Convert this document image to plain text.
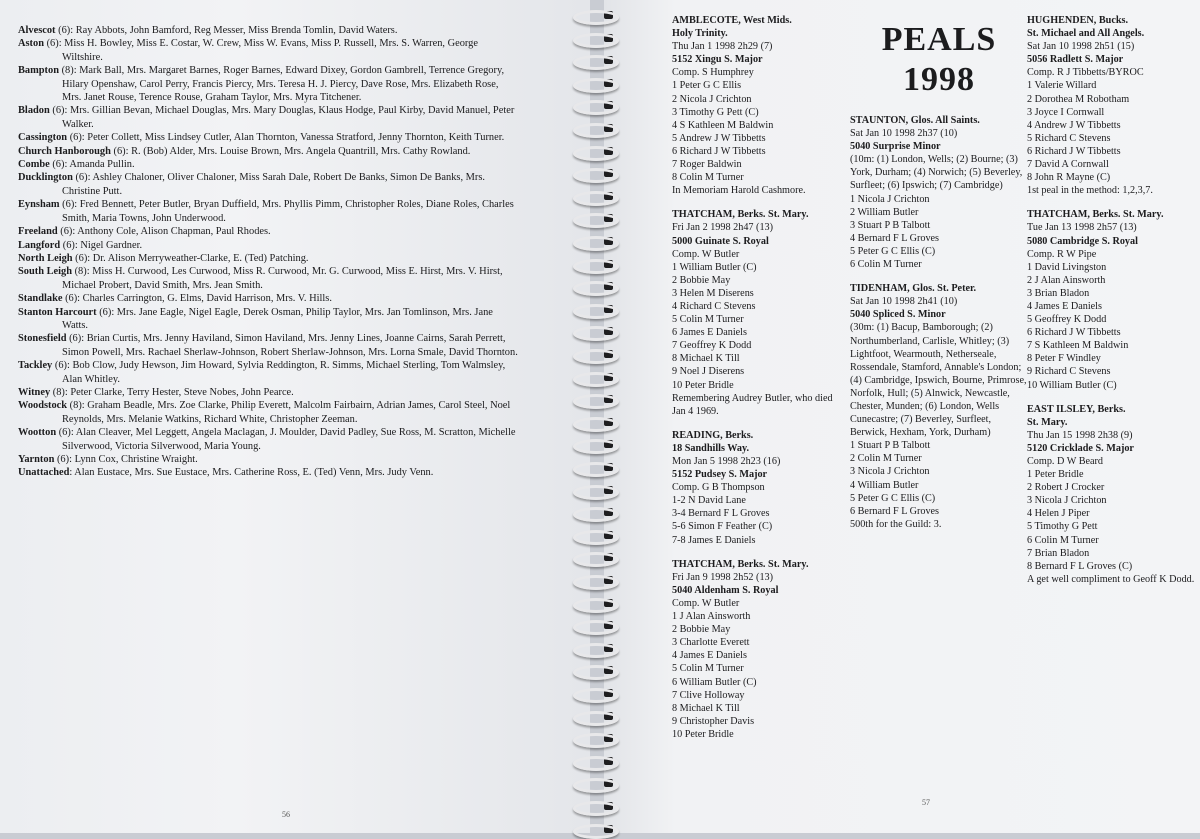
Alvescot (6): Ray Abbots, John Bamford, Reg Messer, Miss Brenda Tomlin, David Waters.
Aston (6): Miss H. Bowley, Miss E. Costar, W. Crew, Miss W. Evans, Miss P. Russell, Mrs. S. Warren, George Wiltshire.
Bampton (8): Mark Ball, Mrs. Margaret Barnes, Roger Barnes, Edward Dixey, Gordon Gambrell, Terrence Gregory, Hilary Openshaw, Carol Perry, Francis Piercy, Mrs. Teresa H. J. Piercy, Dave Rose, Mrs. Elizabeth Rose, Mrs. Janet Rouse, Terence Rouse, Graham Taylor, Mrs. Myra Titchener.
Bladon (6): Mrs. Gillian Bevan, Michael Douglas, Mrs. Mary Douglas, Klaus Hodge, Paul Kirby, David Manuel, Peter Walker.
Cassington (6): Peter Collett, Miss Lindsey Cutler, Alan Thornton, Vanessa Stratford, Jenny Thornton, Keith Turner.
Church Hanborough (6): R. (Bob) Alder, Mrs. Louise Brown, Mrs. Angela Quantrill, Mrs. Cathy Rowland.
Combe (6): Amanda Pullin.
Ducklington (6): Ashley Chaloner, Oliver Chaloner, Miss Sarah Dale, Robert De Banks, Simon De Banks, Mrs. Christine Putt.
Eynsham (6): Fred Bennett, Peter Butler, Bryan Duffield, Mrs. Phyllis Pimm, Christopher Roles, Diane Roles, Charles Smith, Maria Towns, John Underwood.
Freeland (6): Anthony Cole, Alison Chapman, Paul Rhodes.
Langford (6): Nigel Gardner.
North Leigh (6): Dr. Alison Merryweather-Clarke, E. (Ted) Patching.
South Leigh (8): Miss H. Curwood, Les Curwood, Miss R. Curwood, Mr. G. Curwood, Miss E. Hirst, Mrs. V. Hirst, Michael Probert, David Smith, Mrs. Jean Smith.
Standlake (6): Charles Carrington, G. Elms, David Harrison, Mrs. V. Hills.
Stanton Harcourt (6): Mrs. Jane Eagle, Nigel Eagle, Derek Osman, Philip Taylor, Mrs. Jan Tomlinson, Mrs. Jane Watts.
Stonesfield (6): Brian Curtis, Mrs. Jenny Haviland, Simon Haviland, Mrs. Jenny Lines, Joanne Cairns, Sarah Perrett, Simon Powell, Mrs. Rachael Sherlaw-Johnson, Robert Sherlaw-Johnson, Mrs. Lorna Smale, David Thornton.
Tackley (6): Bob Clow, Judy Hewson, Jim Howard, Sylvia Reddington, R. Simms, Michael Sterling, Tom Walmsley, Alan Whitley.
Witney (8): Peter Clarke, Terry Hester, Steve Nobes, John Pearce.
Woodstock (8): Graham Beadle, Mrs. Zoe Clarke, Philip Everett, Malcolm Fairbairn, Adrian James, Carol Steel, Noel Reynolds, Mrs. Melanie Watkins, Richard White, Christopher Zeeman.
Wootton (6): Alan Cleaver, Mel Leggett, Angela Maclagan, J. Moulder, David Padley, Sue Ross, M. Scratton, Michelle Silverwood, Victoria Silverwood, Maria Young.
Yarnton (6): Lynn Cox, Christine Wraight.
Unattached: Alan Eustace, Mrs. Sue Eustace, Mrs. Catherine Ross, E. (Ted) Venn, Mrs. Judy Venn.
56
AMBLECOTE, West Mids.
Holy Trinity.
Thu Jan 1 1998 2h29 (7)
5152 Xingu S. Major
Comp. S Humphrey
1 Peter G C Ellis
2 Nicola J Crichton
3 Timothy G Pett (C)
4 S Kathleen M Baldwin
5 Andrew J W Tibbetts
6 Richard J W Tibbetts
7 Roger Baldwin
8 Colin M Turner
In Memoriam Harold Cashmore.
THATCHAM, Berks. St. Mary.
Fri Jan 2 1998 2h47 (13)
5000 Guinate S. Royal
Comp. W Butler
1 William Butler (C)
2 Bobbie May
3 Helen M Diserens
4 Richard C Stevens
5 Colin M Turner
6 James E Daniels
7 Geoffrey K Dodd
8 Michael K Till
9 Noel J Diserens
10 Peter Bridle
Remembering Audrey Butler, who died Jan 4 1969.
READING, Berks.
18 Sandhills Way.
Mon Jan 5 1998 2h23 (16)
5152 Pudsey S. Major
Comp. G B Thompson
1-2 N David Lane
3-4 Bernard F L Groves
5-6 Simon F Feather (C)
7-8 James E Daniels
THATCHAM, Berks. St. Mary.
Fri Jan 9 1998 2h52 (13)
5040 Aldenham S. Royal
Comp. W Butler
1 J Alan Ainsworth
2 Bobbie May
3 Charlotte Everett
4 James E Daniels
5 Colin M Turner
6 William Butler (C)
7 Clive Holloway
8 Michael K Till
9 Christopher Davis
10 Peter Bridle
PEALS
1998
STAUNTON, Glos. All Saints.
Sat Jan 10 1998 2h37 (10)
5040 Surprise Minor
(10m: (1) London, Wells; (2) Bourne; (3) York, Durham; (4) Norwich; (5) Beverley, Surfleet; (6) Ipswich; (7) Cambridge)
1 Nicola J Crichton
2 William Butler
3 Stuart P B Talbott
4 Bernard F L Groves
5 Peter G C Ellis (C)
6 Colin M Turner
TIDENHAM, Glos. St. Peter.
Sat Jan 10 1998 2h41 (10)
5040 Spliced S. Minor
(30m: (1) Bacup, Bamborough; (2) Northumberland, Carlisle, Whitley; (3) Lightfoot, Wearmouth, Netherseale, Rossendale, Stamford, Annable's London; (4) Cambridge, Ipswich, Bourne, Primrose, Norfolk, Hull; (5) Alnwick, Newcastle, Chester, Munden; (6) London, Wells Cunecastre; (7) Beverley, Surfleet, Berwick, Hexham, York, Durham)
1 Stuart P B Talbott
2 Colin M Turner
3 Nicola J Crichton
4 William Butler
5 Peter G C Ellis (C)
6 Bernard F L Groves
500th for the Guild: 3.
HUGHENDEN, Bucks.
St. Michael and All Angels.
Sat Jan 10 1998 2h51 (15)
5056 Radlett S. Major
Comp. R J Tibbetts/BYROC
1 Valerie Willard
2 Dorothea M Robotham
3 Joyce I Cornwall
4 Andrew J W Tibbetts
5 Richard C Stevens
6 Richard J W Tibbetts
7 David A Cornwall
8 John R Mayne (C)
1st peal in the method: 1,2,3,7.
THATCHAM, Berks. St. Mary.
Tue Jan 13 1998 2h57 (13)
5080 Cambridge S. Royal
Comp. R W Pipe
1 David Livingston
2 J Alan Ainsworth
3 Brian Bladon
4 James E Daniels
5 Geoffrey K Dodd
6 Richard J W Tibbetts
7 S Kathleen M Baldwin
8 Peter F Windley
9 Richard C Stevens
10 William Butler (C)
EAST ILSLEY, Berks.
St. Mary.
Thu Jan 15 1998 2h38 (9)
5120 Cricklade S. Major
Comp. D W Beard
1 Peter Bridle
2 Robert J Crocker
3 Nicola J Crichton
4 Helen J Piper
5 Timothy G Pett
6 Colin M Turner
7 Brian Bladon
8 Bernard F L Groves (C)
A get well compliment to Geoff K Dodd.
57
